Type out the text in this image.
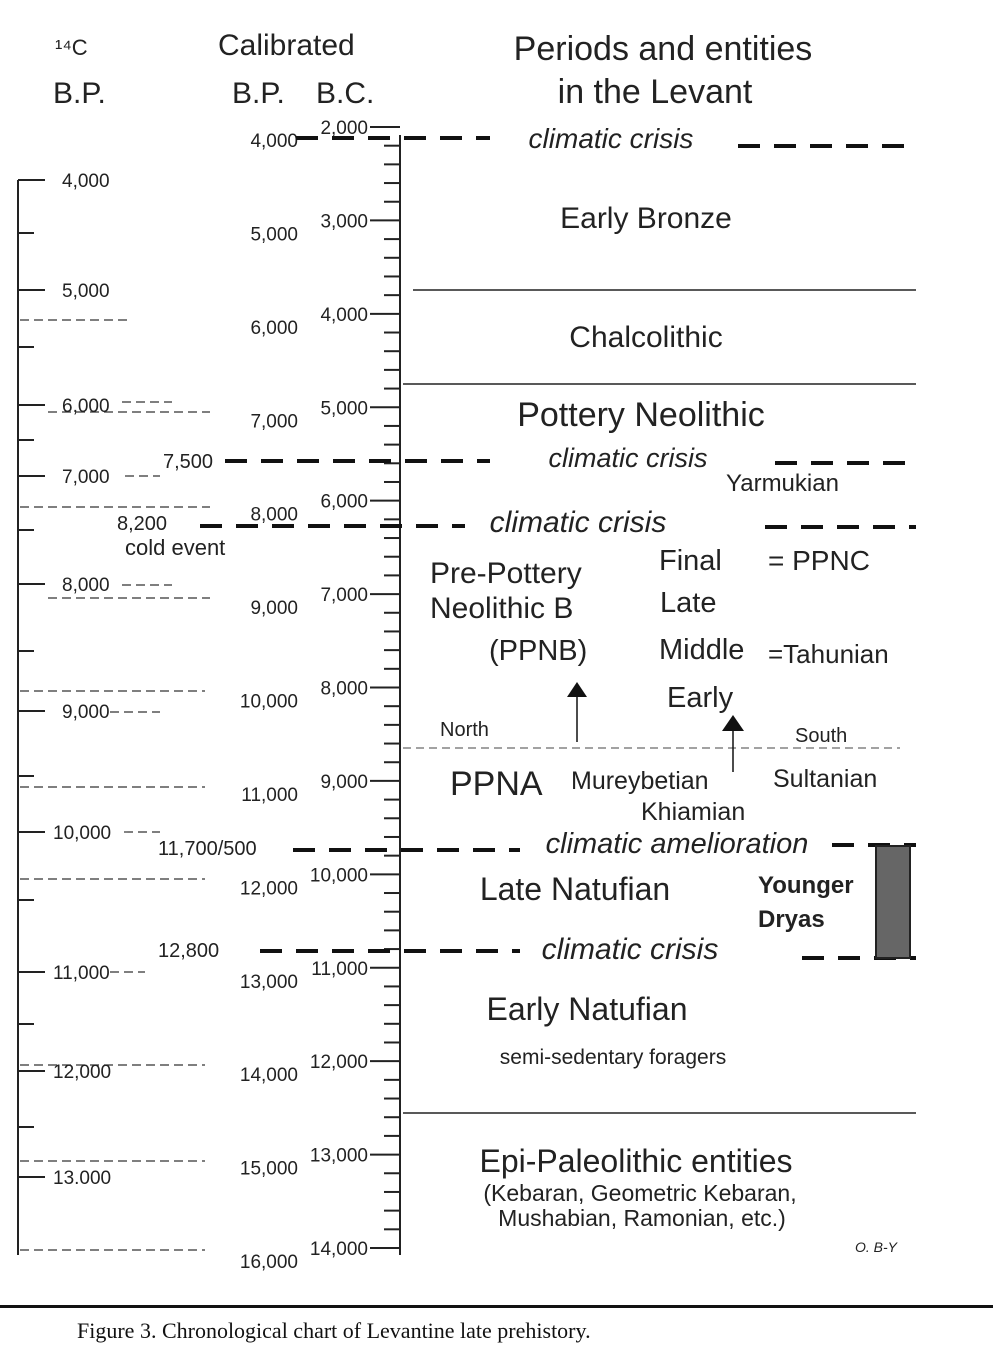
¹⁴C
B.P.
Calibrated
B.P. B.C.
Periods and entities
in the Levant
4,000
5,000
6,000
7,000
8,000
9,000
10,000
11,000
12,000
13.000
2,000
3,000
4,000
5,000
6,000
7,000
8,000
9,000
10,000
11,000
12,000
13,000
14,000
4,000
5,000
6,000
7,000
8,000
9,000
10,000
11,000
12,000
13,000
14,000
15,000
16,000
7,500
8,200
cold event
11,700/500
12,800
climatic crisis
Early Bronze
Chalcolithic
Pottery Neolithic
climatic crisis
Yarmukian
climatic crisis
Pre-Pottery
Neolithic B
(PPNB)
Final = PPNC
Late
Middle =Tahunian
Early
North	South
PPNA Mureybetian
Khiamian
Sultanian
climatic amelioration
Late Natufian	Younger
Dryas
climatic crisis
Early Natufian
semi-sedentary foragers
Epi-Paleolithic entities
(Kebaran, Geometric Kebaran,
Mushabian, Ramonian, etc.)
O. B-Y
Figure 3. Chronological chart of Levantine late prehistory.
